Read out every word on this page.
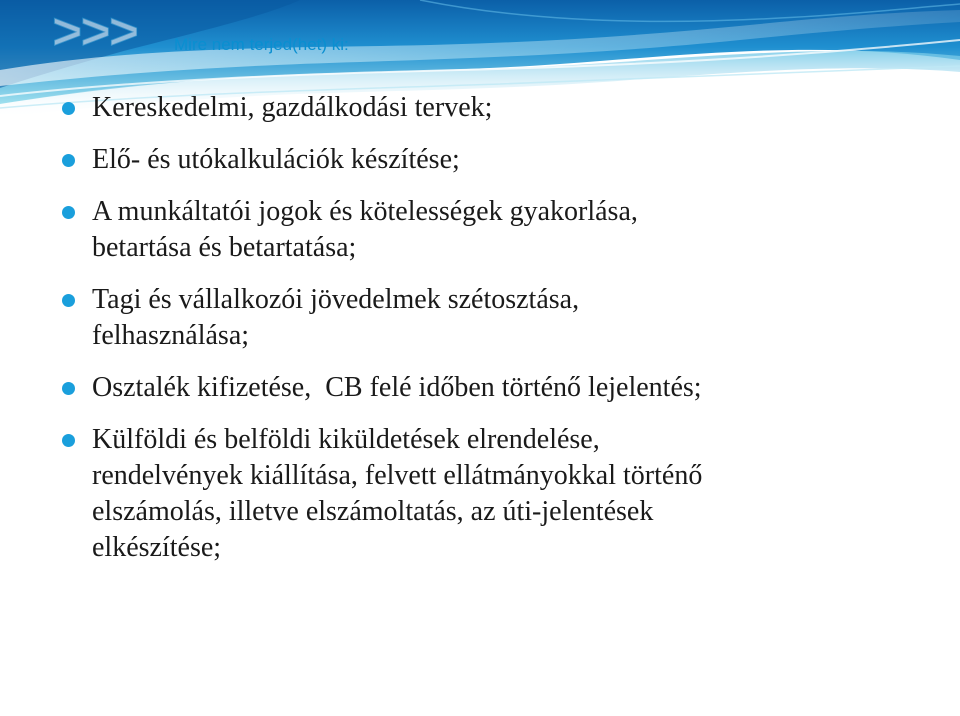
>>> Mire nem terjed(het) ki:
Kereskedelmi, gazdálkodási tervek;
Elő- és utókalkulációk készítése;
A munkáltatói jogok és kötelességek gyakorlása,
betartása és betartatása;
Tagi és vállalkozói jövedelmek szétosztása,
felhasználása;
Osztalék kifizetése,  CB felé időben történő lejelentés;
Külföldi és belföldi kiküldetések elrendelése,
rendelvények kiállítása, felvett ellátmányokkal történő
elszámolás, illetve elszámoltatás, az úti-jelentések
elkészítése;
